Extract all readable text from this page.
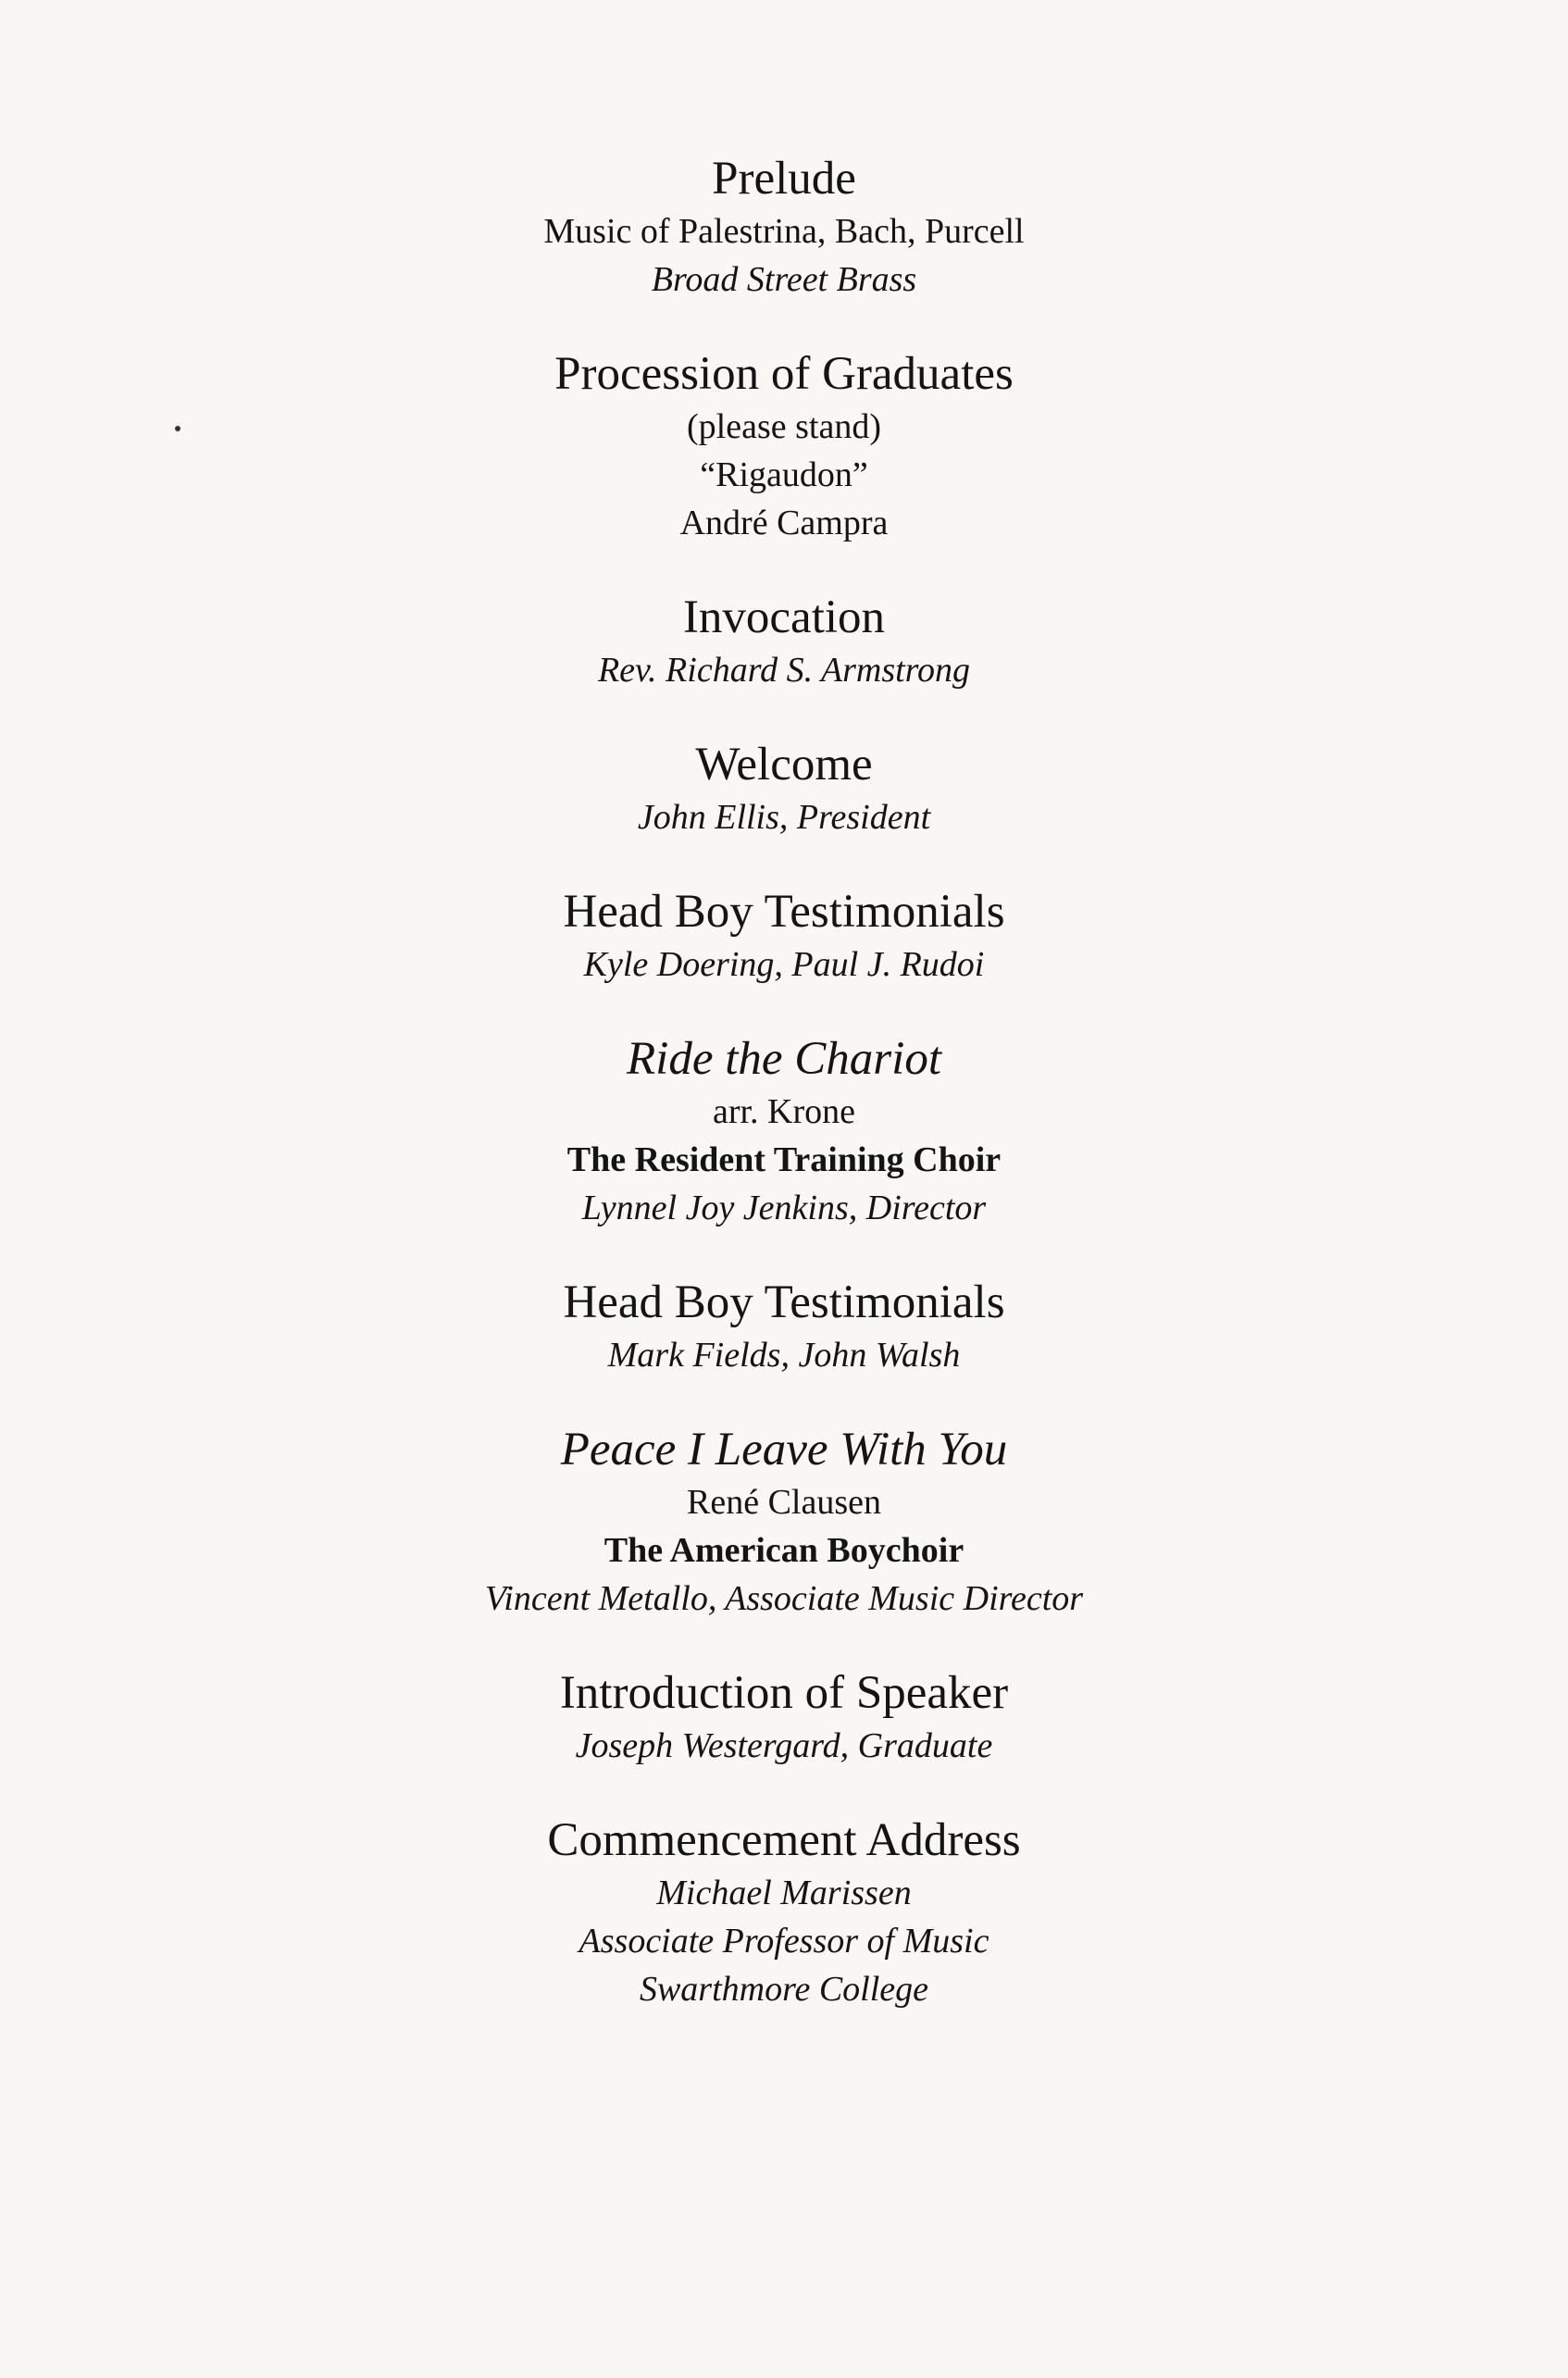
Prelude
Music of Palestrina, Bach, Purcell
Broad Street Brass
Procession of Graduates
(please stand)
“Rigaudon”
André Campra
Invocation
Rev. Richard S. Armstrong
Welcome
John Ellis, President
Head Boy Testimonials
Kyle Doering, Paul J. Rudoi
Ride the Chariot
arr. Krone
The Resident Training Choir
Lynnel Joy Jenkins, Director
Head Boy Testimonials
Mark Fields, John Walsh
Peace I Leave With You
René Clausen
The American Boychoir
Vincent Metallo, Associate Music Director
Introduction of Speaker
Joseph Westergard, Graduate
Commencement Address
Michael Marissen
Associate Professor of Music
Swarthmore College
